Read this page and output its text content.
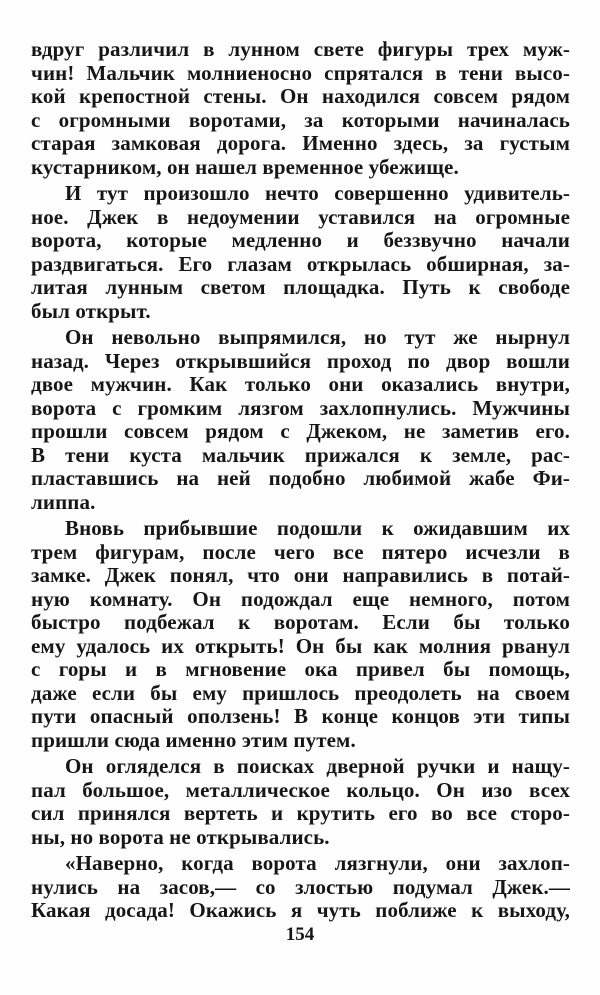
вдруг различил в лунном свете фигуры трех муж-
чин! Мальчик молниеносно спрятался в тени высо-
кой крепостной стены. Он находился совсем рядом
с огромными воротами, за которыми начиналась
старая замковая дорога. Именно здесь, за густым
кустарником, он нашел временное убежище.
И тут произошло нечто совершенно удивитель-
ное. Джек в недоумении уставился на огромные
ворота, которые медленно и беззвучно начали
раздвигаться. Его глазам открылась обширная, за-
литая лунным светом площадка. Путь к свободе
был открыт.
Он невольно выпрямился, но тут же нырнул
назад. Через открывшийся проход по двор вошли
двое мужчин. Как только они оказались внутри,
ворота с громким лязгом захлопнулись. Мужчины
прошли совсем рядом с Джеком, не заметив его.
В тени куста мальчик прижался к земле, рас-
пластавшись на ней подобно любимой жабе Фи-
липпа.
Вновь прибывшие подошли к ожидавшим их
трем фигурам, после чего все пятеро исчезли в
замке. Джек понял, что они направились в потай-
ную комнату. Он подождал еще немного, потом
быстро подбежал к воротам. Если бы только
ему удалось их открыть! Он бы как молния рванул
с горы и в мгновение ока привел бы помощь,
даже если бы ему пришлось преодолеть на своем
пути опасный оползень! В конце концов эти типы
пришли сюда именно этим путем.
Он огляделся в поисках дверной ручки и нащу-
пал большое, металлическое кольцо. Он изо всех
сил принялся вертеть и крутить его во все сторо-
ны, но ворота не открывались.
«Наверно, когда ворота лязгнули, они захлоп-
нулись на засов,— со злостью подумал Джек.—
Какая досада! Окажись я чуть поближе к выходу,
154
